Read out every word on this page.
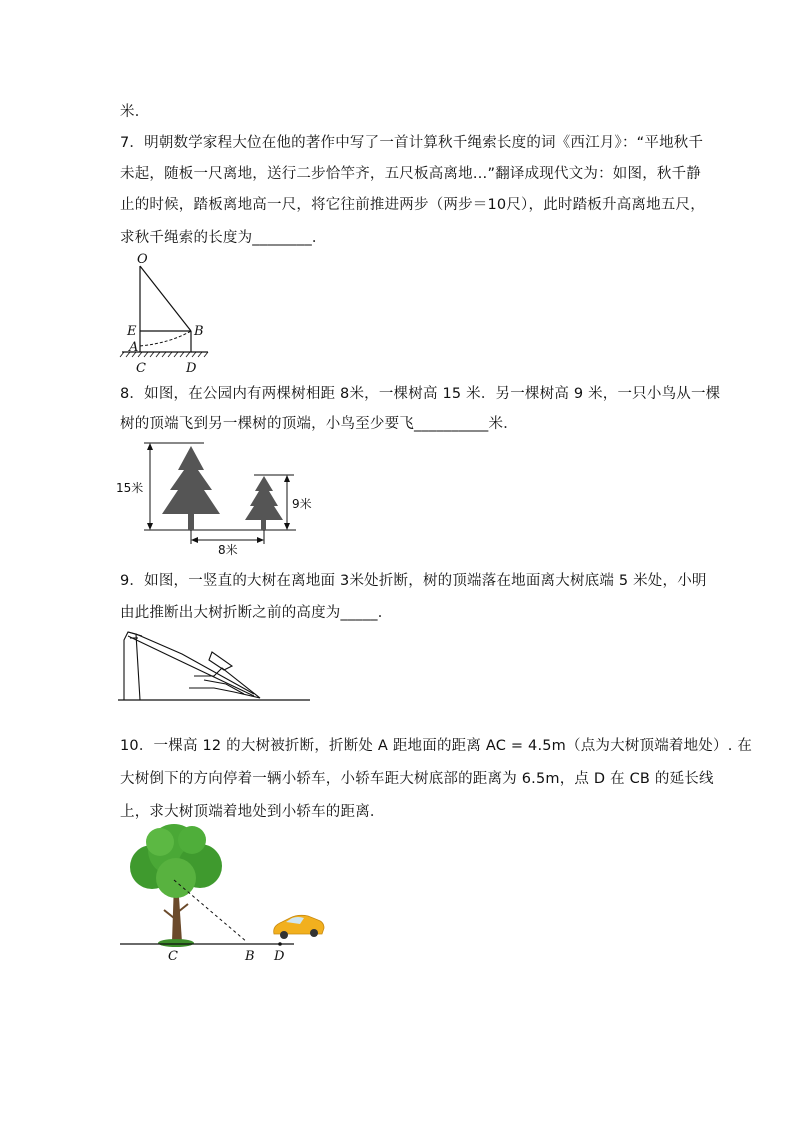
米．
7．明朝数学家程大位在他的著作中写了一首计算秋千绳索长度的词《西江月》：“平地秋千
未起，随板一尺离地，送行二步恰竿齐，五尺板高离地…”翻译成现代文为：如图，秋千静
止的时候，踏板离地高一尺，将它往前推进两步（两步＝10尺），此时踏板升高离地五尺，
求秋千绳索的长度为________．
O
E	B
A
C	D
8．如图，在公园内有两棵树相距 8米，一棵树高 15 米．另一棵树高 9 米，一只小鸟从一棵
树的顶端飞到另一棵树的顶端，小鸟至少要飞__________米．
15米
9米
8米
9．如图，一竖直的大树在离地面 3米处折断，树的顶端落在地面离大树底端 5 米处，小明
由此推断出大树折断之前的高度为_____．
10．一棵高 12 的大树被折断，折断处 A 距地面的距离 AC = 4.5m（点为大树顶端着地处）. 在
大树倒下的方向停着一辆小轿车，小轿车距大树底部的距离为 6.5m，点 D 在 CB 的延长线
上，求大树顶端着地处到小轿车的距离．
C	B D
